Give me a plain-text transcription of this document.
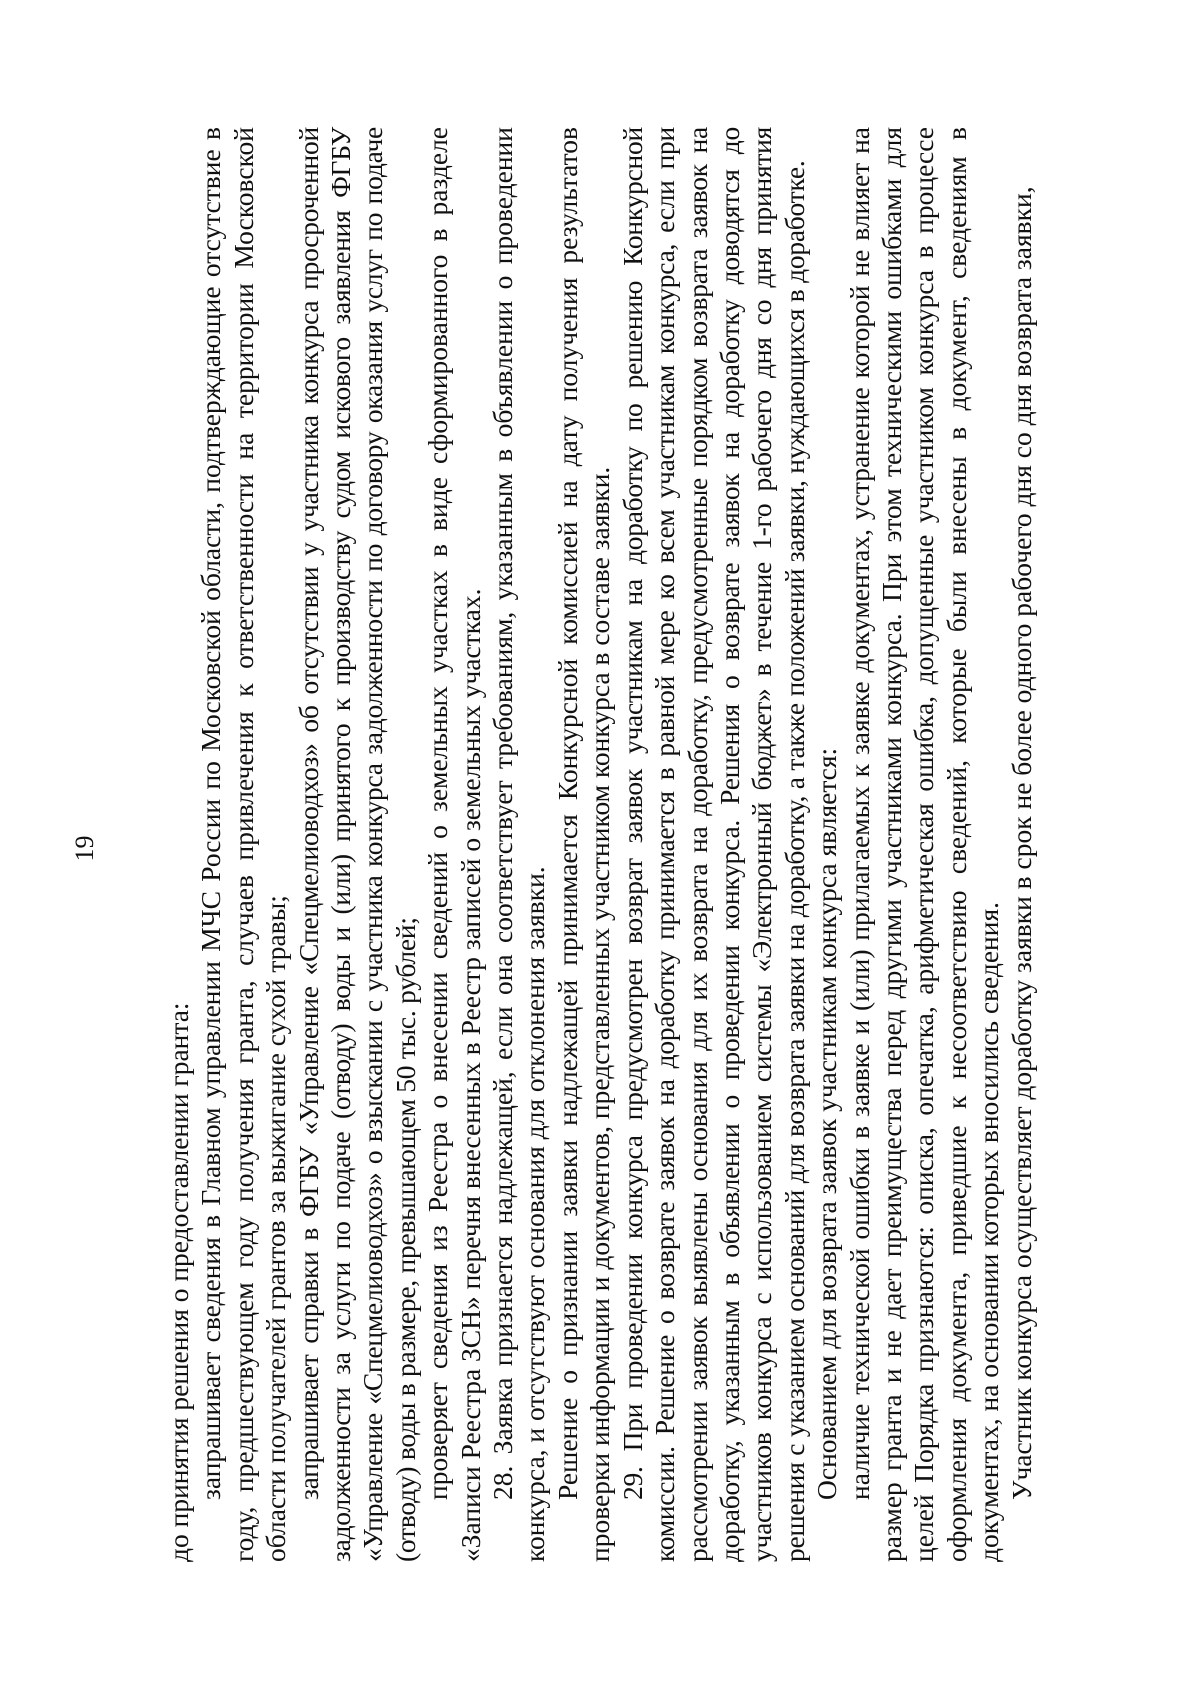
19

до принятия решения о предоставлении гранта: запрашивает сведения в Главном управлении МЧС России по Московской области, подтверждающие отсутствие в году, предшествующем году получения гранта, случаев привлечения к ответственности на территории Московской области получателей грантов за выжигание сухой травы; запрашивает справки в ФГБУ «Управление «Спецмелиоводхоз» об отсутствии у участника конкурса просроченной задолженности за услуги по подаче (отводу) воды и (или) принятого к производству судом искового заявления ФГБУ «Управление «Спецмелиоводхоз» о взыскании с участника конкурса задолженности по договору оказания услуг по подаче (отводу) воды в размере, превышающем 50 тыс. рублей; проверяет сведения из Реестра о внесении сведений о земельных участках в виде сформированного в разделе «Записи Реестра ЗСН» перечня внесенных в Реестр записей о земельных участках. 28. Заявка признается надлежащей, если она соответствует требованиям, указанным в объявлении о проведении конкурса, и отсутствуют основания для отклонения заявки. Решение о признании заявки надлежащей принимается Конкурсной комиссией на дату получения результатов проверки информации и документов, представленных участником конкурса в составе заявки. 29. При проведении конкурса предусмотрен возврат заявок участникам на доработку по решению Конкурсной комиссии. Решение о возврате заявок на доработку принимается в равной мере ко всем участникам конкурса, если при рассмотрении заявок выявлены основания для их возврата на доработку, предусмотренные порядком возврата заявок на доработку, указанным в объявлении о проведении конкурса. Решения о возврате заявок на доработку доводятся до участников конкурса с использованием системы «Электронный бюджет» в течение 1-го рабочего дня со дня принятия решения с указанием оснований для возврата заявки на доработку, а также положений заявки, нуждающихся в доработке. Основанием для возврата заявок участникам конкурса является: наличие технической ошибки в заявке и (или) прилагаемых к заявке документах, устранение которой не влияет на размер гранта и не дает преимущества перед другими участниками конкурса. При этом техническими ошибками для целей Порядка признаются: описка, опечатка, арифметическая ошибка, допущенные участником конкурса в процессе оформления документа, приведшие к несоответствию сведений, которые были внесены в документ, сведениям в документах, на основании которых вносились сведения. Участник конкурса осуществляет доработку заявки в срок не более одного рабочего дня со дня возврата заявки,
